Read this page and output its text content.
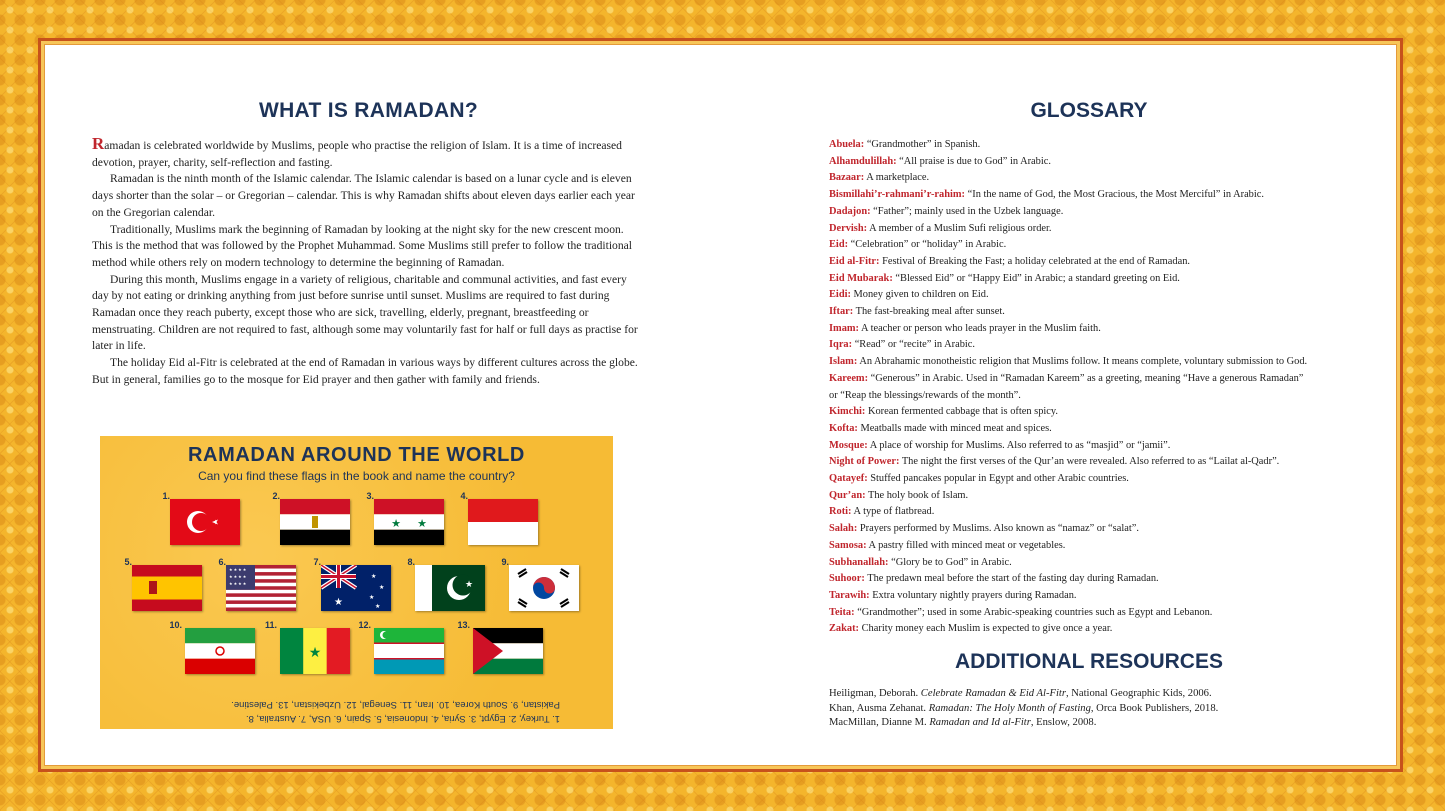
WHAT IS RAMADAN?

Ramadan is celebrated worldwide by Muslims, people who practise the religion of Islam. It is a time of increased devotion, prayer, charity, self-reflection and fasting.

Ramadan is the ninth month of the Islamic calendar. The Islamic calendar is based on a lunar cycle and is eleven days shorter than the solar – or Gregorian – calendar. This is why Ramadan shifts about eleven days earlier each year on the Gregorian calendar.

Traditionally, Muslims mark the beginning of Ramadan by looking at the night sky for the new crescent moon. This is the method that was followed by the Prophet Muhammad. Some Muslims still prefer to follow the traditional method while others rely on modern technology to determine the beginning of Ramadan.

During this month, Muslims engage in a variety of religious, charitable and communal activities, and fast every day by not eating or drinking anything from just before sunrise until sunset. Muslims are required to fast during Ramadan once they reach puberty, except those who are sick, travelling, elderly, pregnant, breastfeeding or menstruating. Children are not required to fast, although some may voluntarily fast for half or full days as practise for later in life.

The holiday Eid al-Fitr is celebrated at the end of Ramadan in various ways by different cultures across the globe. But in general, families go to the mosque for Eid prayer and then gather with family and friends.

RAMADAN AROUND THE WORLD
Can you find these flags in the book and name the country?
1.	2.	3.
★ ★
4.
5.	6.
★ ★ ★ ★
★ ★ ★ ★
★ ★ ★ ★
7.
★
★
★
★
★
8.
★
9.
10.	11.
★
12.	13.
1. Turkey, 2. Egypt, 3. Syria, 4. Indonesia, 5. Spain, 6. USA, 7. Australia, 8.
Pakistan, 9. South Korea, 10. Iran, 11. Senegal, 12. Uzbekistan, 13. Palestine.
GLOSSARY
Abuela: “Grandmother” in Spanish.
Alhamdulillah: “All praise is due to God” in Arabic.
Bazaar: A marketplace.
Bismillahi’r-rahmani’r-rahim: “In the name of God, the Most Gracious, the Most Merciful” in Arabic.
Dadajon: “Father”; mainly used in the Uzbek language.
Dervish: A member of a Muslim Sufi religious order.
Eid: “Celebration” or “holiday” in Arabic.
Eid al-Fitr: Festival of Breaking the Fast; a holiday celebrated at the end of Ramadan.
Eid Mubarak: “Blessed Eid” or “Happy Eid” in Arabic; a standard greeting on Eid.
Eidi: Money given to children on Eid.
Iftar: The fast-breaking meal after sunset.
Imam: A teacher or person who leads prayer in the Muslim faith.
Iqra: “Read” or “recite” in Arabic.
Islam: An Abrahamic monotheistic religion that Muslims follow. It means complete, voluntary submission to God.
Kareem: “Generous” in Arabic. Used in “Ramadan Kareem” as a greeting, meaning “Have a generous Ramadan”
or “Reap the blessings/rewards of the month”.
Kimchi: Korean fermented cabbage that is often spicy.
Kofta: Meatballs made with minced meat and spices.
Mosque: A place of worship for Muslims. Also referred to as “masjid” or “jamii”.
Night of Power: The night the first verses of the Qur’an were revealed. Also referred to as “Lailat al-Qadr”.
Qatayef: Stuffed pancakes popular in Egypt and other Arabic countries.
Qur’an: The holy book of Islam.
Roti: A type of flatbread.
Salah: Prayers performed by Muslims. Also known as “namaz” or “salat”.
Samosa: A pastry filled with minced meat or vegetables.
Subhanallah: “Glory be to God” in Arabic.
Suhoor: The predawn meal before the start of the fasting day during Ramadan.
Tarawih: Extra voluntary nightly prayers during Ramadan.
Teita: “Grandmother”; used in some Arabic-speaking countries such as Egypt and Lebanon.
Zakat: Charity money each Muslim is expected to give once a year.
ADDITIONAL RESOURCES
Heiligman, Deborah. Celebrate Ramadan & Eid Al-Fitr, National Geographic Kids, 2006.
Khan, Ausma Zehanat. Ramadan: The Holy Month of Fasting, Orca Book Publishers, 2018.
MacMillan, Dianne M. Ramadan and Id al-Fitr, Enslow, 2008.
